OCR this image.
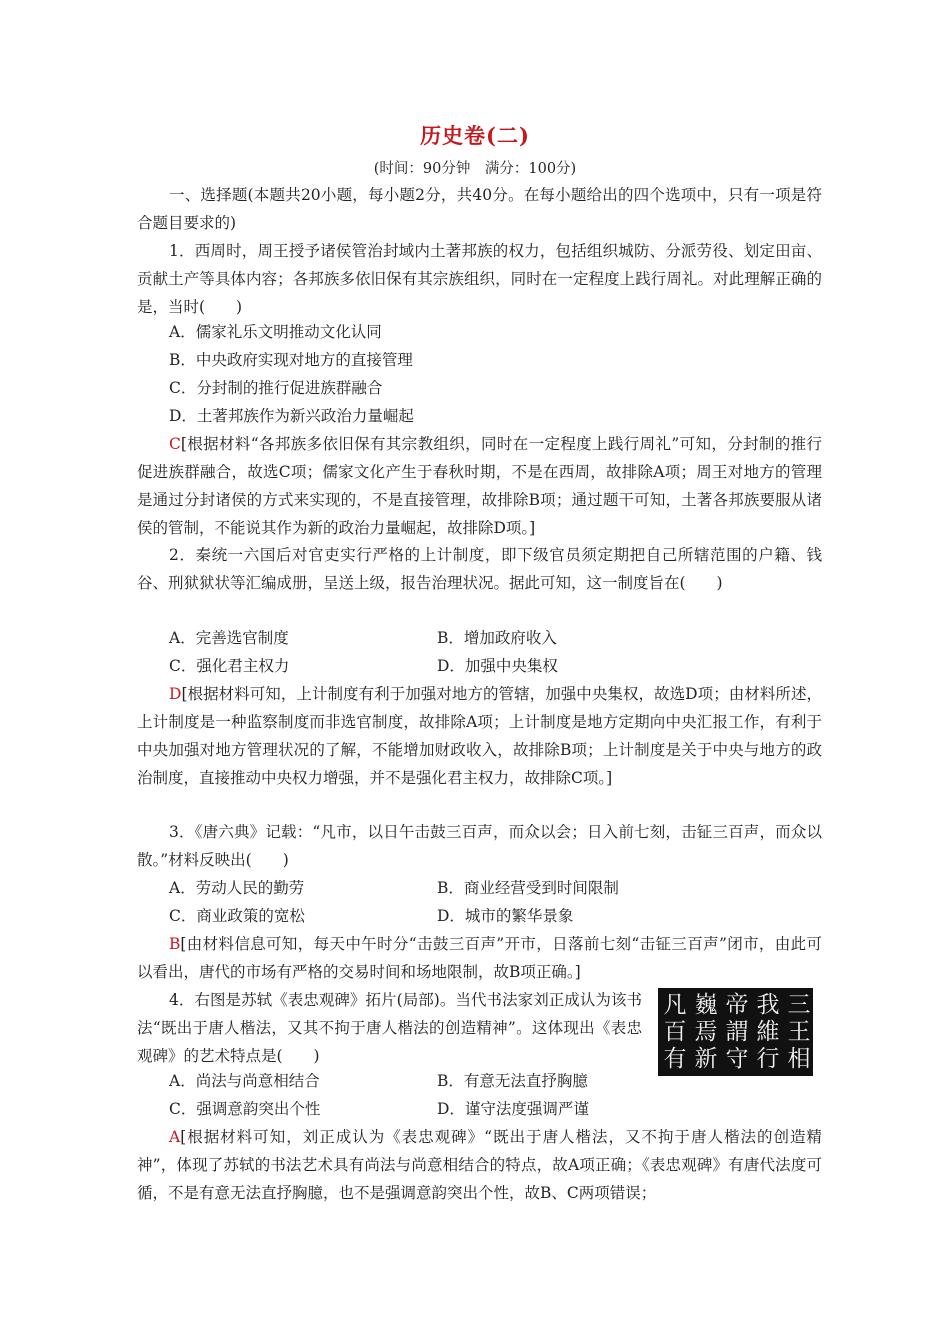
历史卷(二)
(时间：90分钟　满分：100分)
一、选择题(本题共20小题，每小题2分，共40分。在每小题给出的四个选项中，只有一项是符合题目要求的)
1．西周时，周王授予诸侯管治封域内土著邦族的权力，包括组织城防、分派劳役、划定田亩、贡献土产等具体内容；各邦族多依旧保有其宗族组织，同时在一定程度上践行周礼。对此理解正确的是，当时(　　)
A．儒家礼乐文明推动文化认同
B．中央政府实现对地方的直接管理
C．分封制的推行促进族群融合
D．土著邦族作为新兴政治力量崛起
C[根据材料“各邦族多依旧保有其宗教组织，同时在一定程度上践行周礼”可知，分封制的推行促进族群融合，故选C项；儒家文化产生于春秋时期，不是在西周，故排除A项；周王对地方的管理是通过分封诸侯的方式来实现的，不是直接管理，故排除B项；通过题干可知，土著各邦族要服从诸侯的管制，不能说其作为新的政治力量崛起，故排除D项。]
2．秦统一六国后对官吏实行严格的上计制度，即下级官员须定期把自己所辖范围的户籍、钱谷、刑狱狱状等汇编成册，呈送上级，报告治理状况。据此可知，这一制度旨在(　　)
A．完善选官制度	B．增加政府收入
C．强化君主权力	D．加强中央集权
D[根据材料可知，上计制度有利于加强对地方的管辖，加强中央集权，故选D项；由材料所述，上计制度是一种监察制度而非选官制度，故排除A项；上计制度是地方定期向中央汇报工作，有利于中央加强对地方管理状况的了解，不能增加财政收入，故排除B项；上计制度是关于中央与地方的政治制度，直接推动中央权力增强，并不是强化君主权力，故排除C项。]
3．《唐六典》记载：“凡市，以日午击鼓三百声，而众以会；日入前七刻，击钲三百声，而众以散。”材料反映出(　　)
A．劳动人民的勤劳	B．商业经营受到时间限制
C．商业政策的宽松	D．城市的繁华景象
B[由材料信息可知，每天中午时分“击鼓三百声”开市，日落前七刻“击钲三百声”闭市，由此可以看出，唐代的市场有严格的交易时间和场地限制，故B项正确。]
4．右图是苏轼《表忠观碑》拓片(局部)。当代书法家刘正成认为该书法“既出于唐人楷法，又其不拘于唐人楷法的创造精神”。这体现出《表忠观碑》的艺术特点是(　　)
三王相
我維行
帝謂守
巍焉新
凡百有
A．尚法与尚意相结合	B．有意无法直抒胸臆
C．强调意韵突出个性	D．谨守法度强调严谨
A[根据材料可知，刘正成认为《表忠观碑》“既出于唐人楷法，又不拘于唐人楷法的创造精神”，体现了苏轼的书法艺术具有尚法与尚意相结合的特点，故A项正确；《表忠观碑》有唐代法度可循，不是有意无法直抒胸臆，也不是强调意韵突出个性，故B、C两项错误；
